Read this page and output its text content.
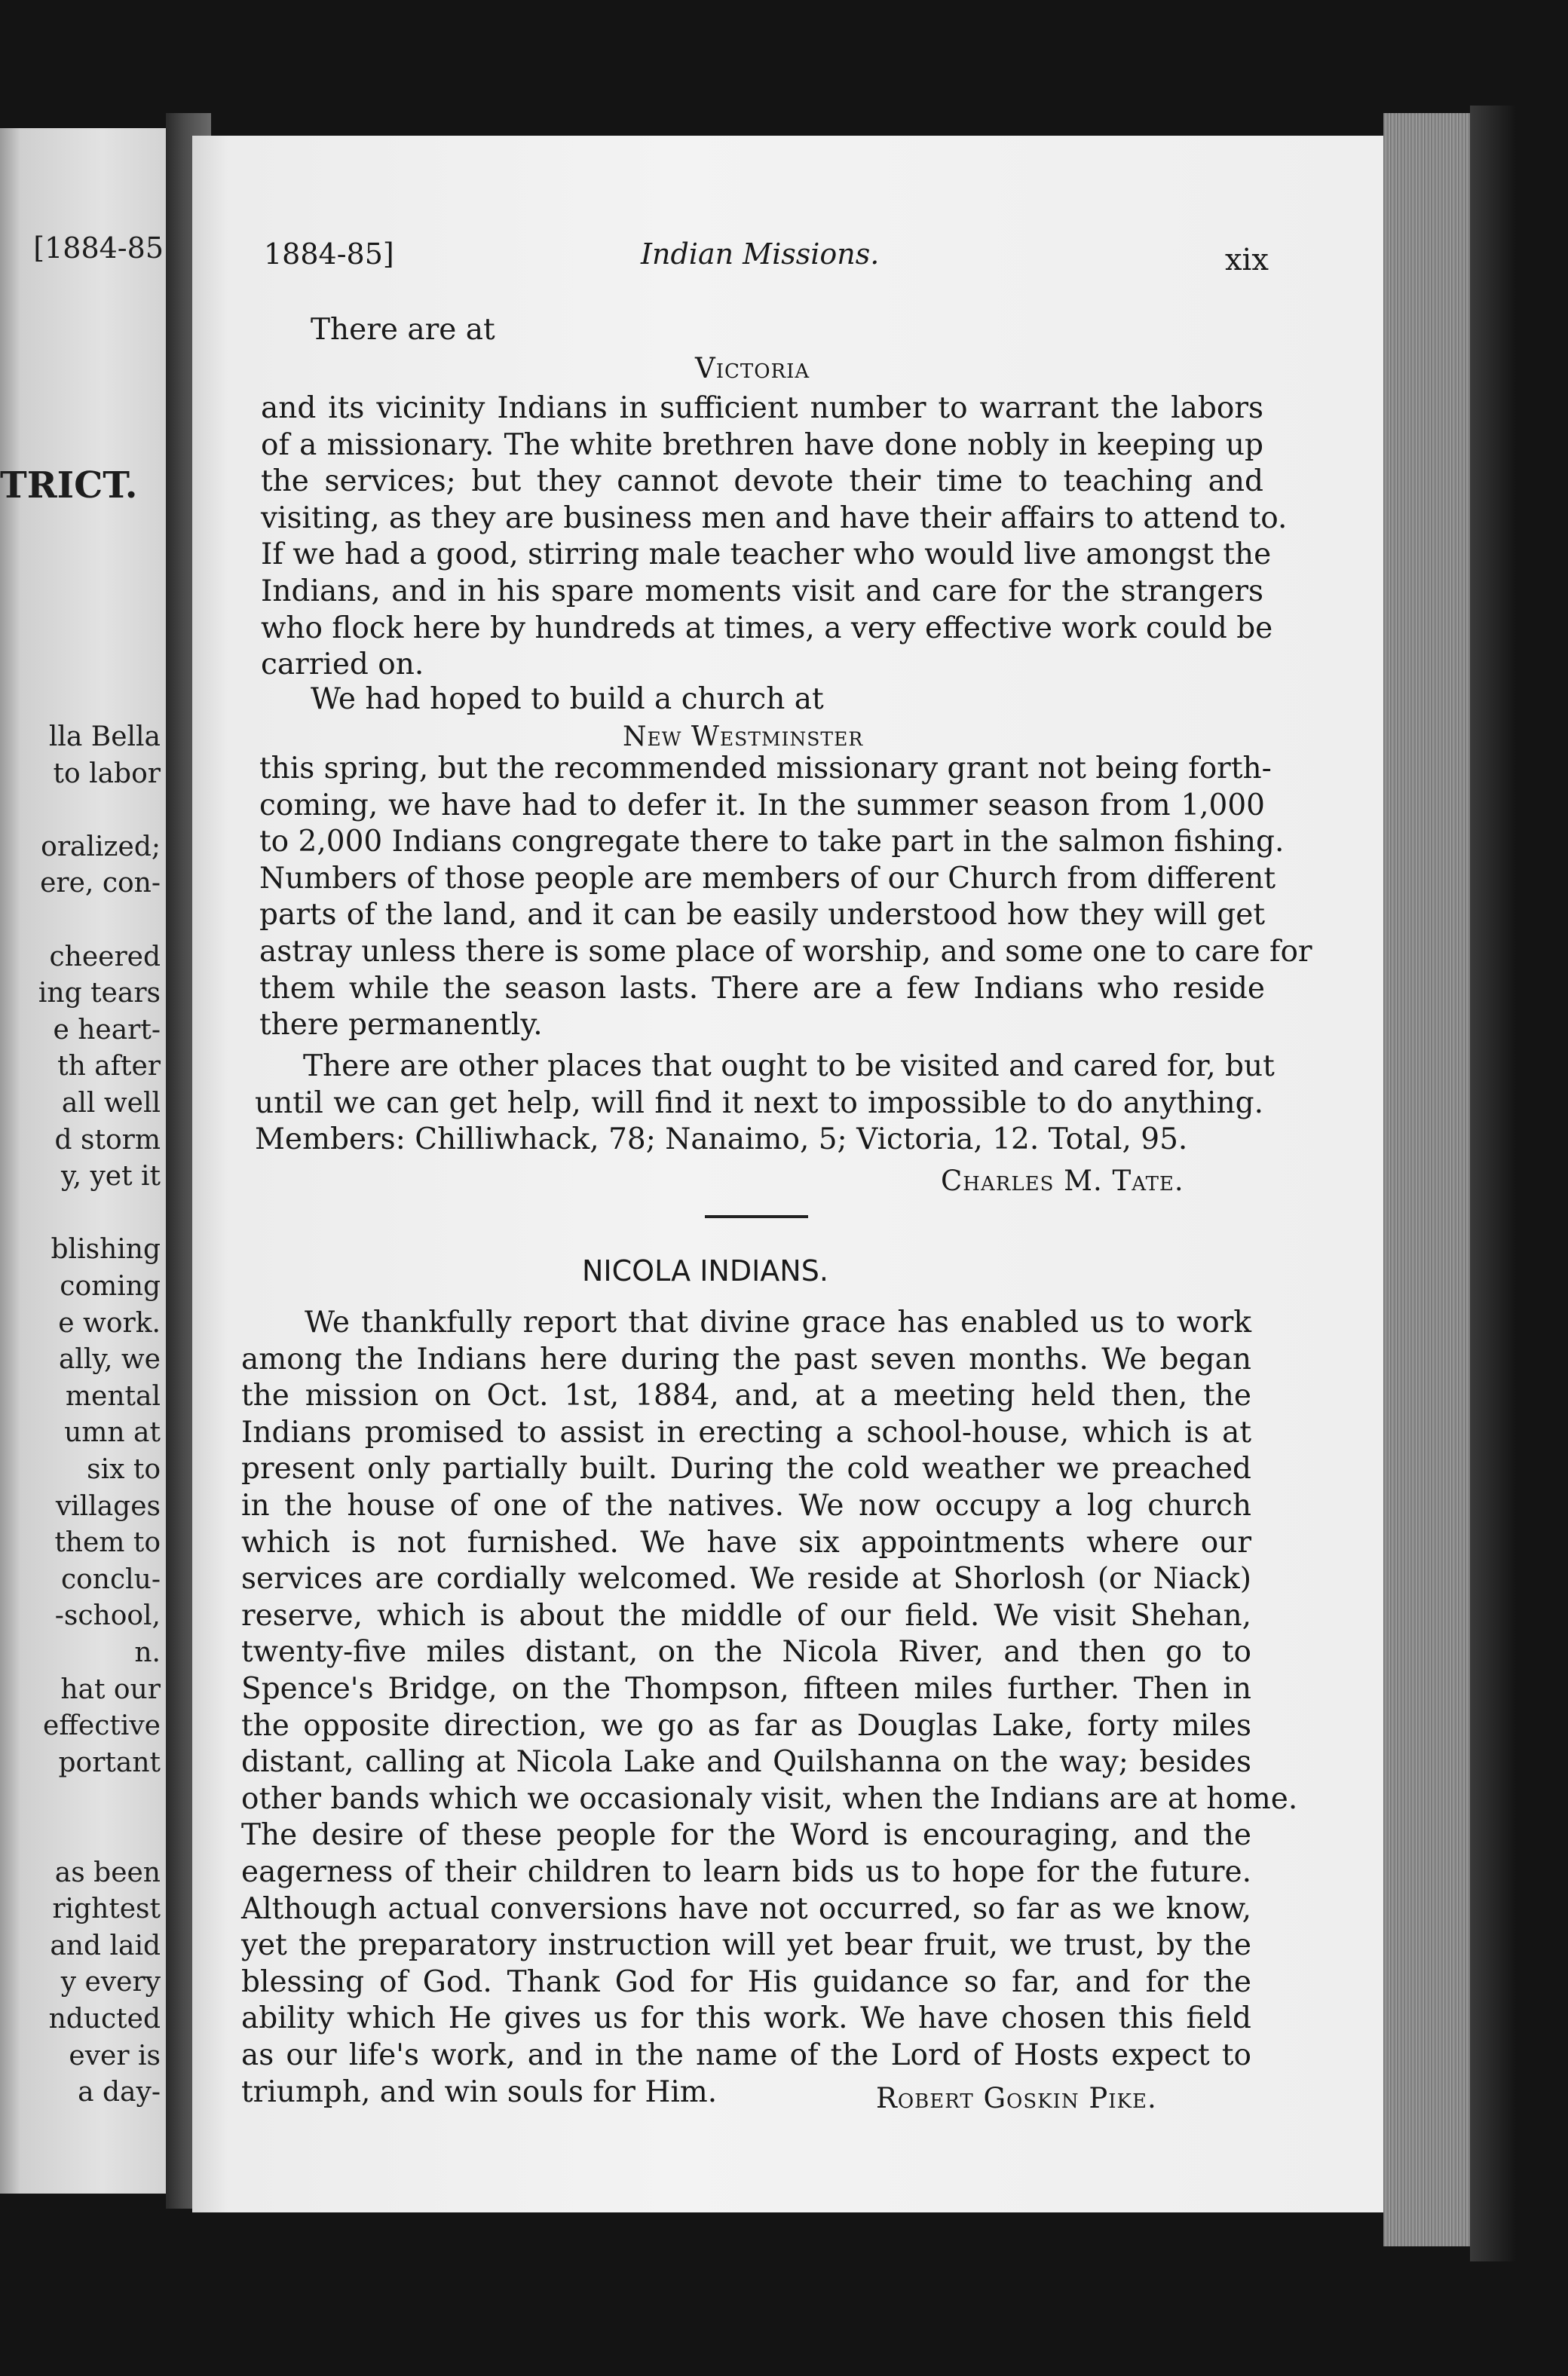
[1884-85
TRICT.
lla Bella
to labor
oralized;
ere, con-
cheered
ing tears
e heart-
th after
all well
d storm
y, yet it
blishing
coming
e work.
ally, we
mental
umn at
six to
villages
them to
conclu-
-school,
n.
hat our
effective
portant
as been
rightest
and laid
y every
nducted
ever is
a day-
1884-85]	Indian Missions.	xix
There are at
Victoria
and its vicinity Indians in sufficient number to warrant the labors
of a missionary. The white brethren have done nobly in keeping up
the services; but they cannot devote their time to teaching and
visiting, as they are business men and have their affairs to attend to.
If we had a good, stirring male teacher who would live amongst the
Indians, and in his spare moments visit and care for the strangers
who flock here by hundreds at times, a very effective work could be
carried on.
We had hoped to build a church at
New Westminster
this spring, but the recommended missionary grant not being forth-
coming, we have had to defer it. In the summer season from 1,000
to 2,000 Indians congregate there to take part in the salmon fishing.
Numbers of those people are members of our Church from different
parts of the land, and it can be easily understood how they will get
astray unless there is some place of worship, and some one to care for
them while the season lasts. There are a few Indians who reside
there permanently.
There are other places that ought to be visited and cared for, but
until we can get help, will find it next to impossible to do anything.
Members: Chilliwhack, 78; Nanaimo, 5; Victoria, 12. Total, 95.
Charles M. Tate.
NICOLA INDIANS.
We thankfully report that divine grace has enabled us to work
among the Indians here during the past seven months. We began
the mission on Oct. 1st, 1884, and, at a meeting held then, the
Indians promised to assist in erecting a school-house, which is at
present only partially built. During the cold weather we preached
in the house of one of the natives. We now occupy a log church
which is not furnished. We have six appointments where our
services are cordially welcomed. We reside at Shorlosh (or Niack)
reserve, which is about the middle of our field. We visit Shehan,
twenty-five miles distant, on the Nicola River, and then go to
Spence's Bridge, on the Thompson, fifteen miles further. Then in
the opposite direction, we go as far as Douglas Lake, forty miles
distant, calling at Nicola Lake and Quilshanna on the way; besides
other bands which we occasionaly visit, when the Indians are at home.
The desire of these people for the Word is encouraging, and the
eagerness of their children to learn bids us to hope for the future.
Although actual conversions have not occurred, so far as we know,
yet the preparatory instruction will yet bear fruit, we trust, by the
blessing of God. Thank God for His guidance so far, and for the
ability which He gives us for this work. We have chosen this field
as our life's work, and in the name of the Lord of Hosts expect to
triumph, and win souls for Him.	Robert Goskin Pike.
